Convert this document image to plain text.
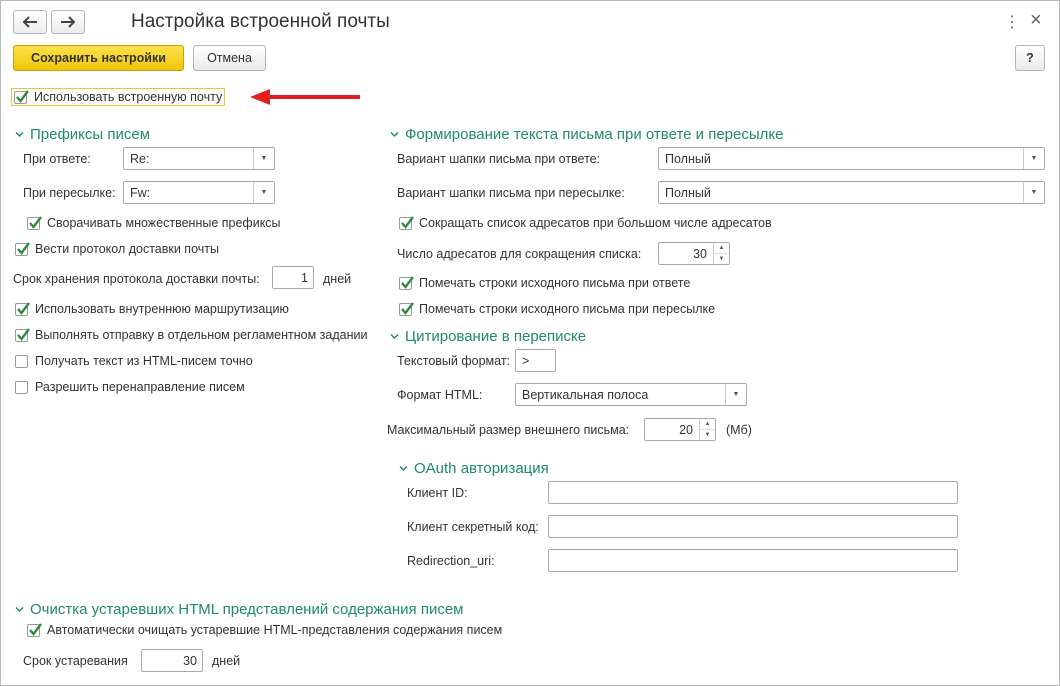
Настройка встроенной почты	⋮ ×
Сохранить настройки	Отмена	?
Использовать встроенную почту
Префиксы писем
При ответе:	Re:	▼
При пересылке: Fw:	▼
Сворачивать множественные префиксы
Вести протокол доставки почты
Срок хранения протокола доставки почты:	1 дней
Использовать внутреннюю маршрутизацию
Выполнять отправку в отдельном регламентном задании
Получать текст из HTML-писем точно
Разрешить перенаправление писем
Формирование текста письма при ответе и пересылке
Вариант шапки письма при ответе:	Полный	▼
Вариант шапки письма при пересылке:	Полный	▼
Сокращать список адресатов при большом числе адресатов
Число адресатов для сокращения списка:	30	▲
▼
Помечать строки исходного письма при ответе
Помечать строки исходного письма при пересылке
Цитирование в переписке
Текстовый формат: >
Формат HTML:	Вертикальная полоса	▼
Максимальный размер внешнего письма:	20	▲
▼	(Мб)
OAuth авторизация
Клиент ID:
Клиент секретный код:
Redirection_uri:
Очистка устаревших HTML представлений содержания писем
Автоматически очищать устаревшие HTML-представления содержания писем
Срок устаревания	30 дней
